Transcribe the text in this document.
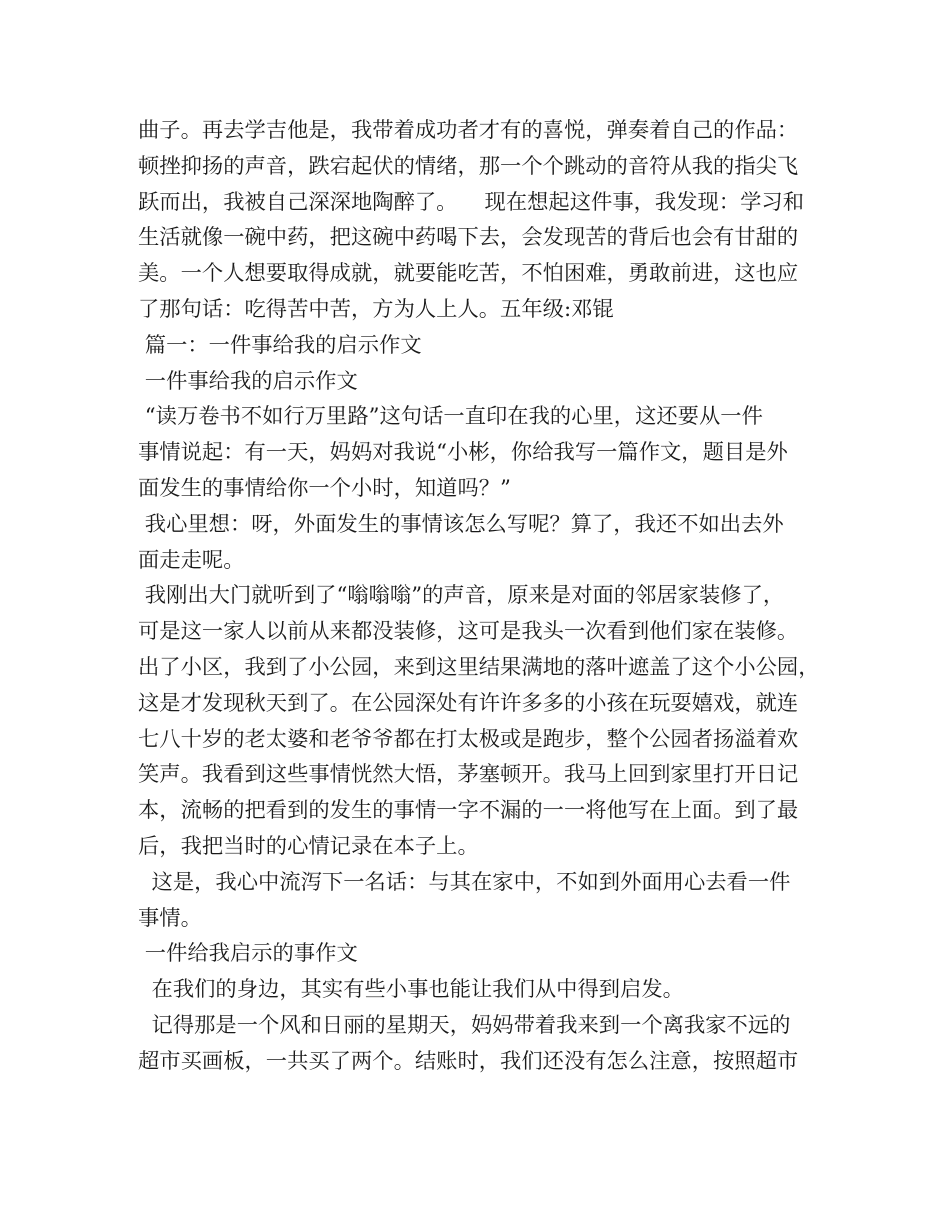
曲子。再去学吉他是，我带着成功者才有的喜悦，弹奏着自己的作品：
顿挫抑扬的声音，跌宕起伏的情绪，那一个个跳动的音符从我的指尖飞
跃而出，我被自己深深地陶醉了。    现在想起这件事，我发现：学习和
生活就像一碗中药，把这碗中药喝下去，会发现苦的背后也会有甘甜的
美。一个人想要取得成就，就要能吃苦，不怕困难，勇敢前进，这也应
了那句话：吃得苦中苦，方为人上人。五年级:邓锟
篇一：一件事给我的启示作文
一件事给我的启示作文
“读万卷书不如行万里路”这句话一直印在我的心里，这还要从一件
事情说起：有一天，妈妈对我说“小彬，你给我写一篇作文，题目是外
面发生的事情给你一个小时，知道吗？”
我心里想：呀，外面发生的事情该怎么写呢？算了，我还不如出去外
面走走呢。
我刚出大门就听到了“嗡嗡嗡”的声音，原来是对面的邻居家装修了，
可是这一家人以前从来都没装修，这可是我头一次看到他们家在装修。
出了小区，我到了小公园，来到这里结果满地的落叶遮盖了这个小公园，
这是才发现秋天到了。在公园深处有许许多多的小孩在玩耍嬉戏，就连
七八十岁的老太婆和老爷爷都在打太极或是跑步，整个公园者扬溢着欢
笑声。我看到这些事情恍然大悟，茅塞顿开。我马上回到家里打开日记
本，流畅的把看到的发生的事情一字不漏的一一将他写在上面。到了最
后，我把当时的心情记录在本子上。
这是，我心中流泻下一名话：与其在家中，不如到外面用心去看一件
事情。
一件给我启示的事作文
在我们的身边，其实有些小事也能让我们从中得到启发。
记得那是一个风和日丽的星期天，妈妈带着我来到一个离我家不远的
超市买画板，一共买了两个。结账时，我们还没有怎么注意，按照超市
